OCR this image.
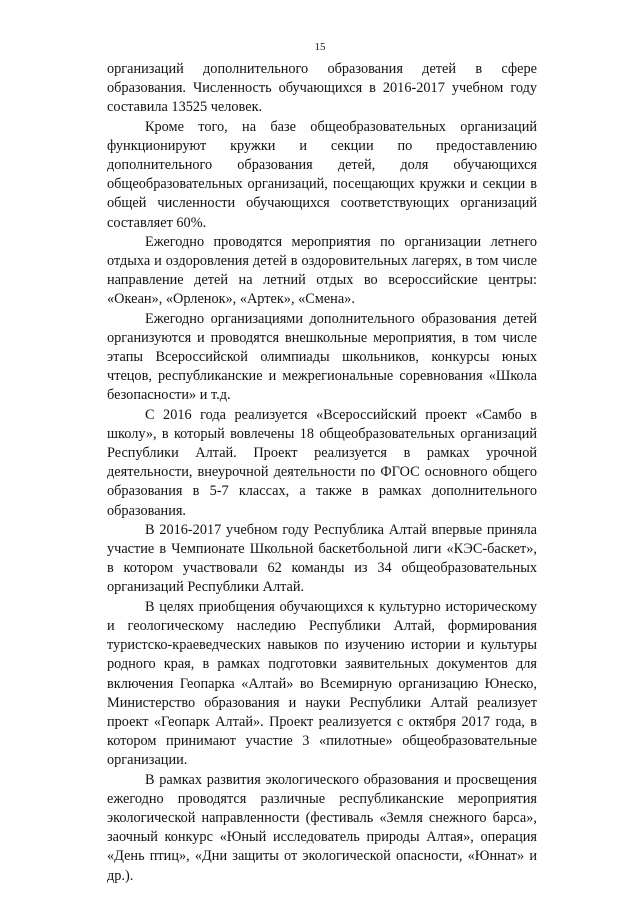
15

организаций дополнительного образования детей в сфере образования. Численность обучающихся в 2016-2017 учебном году составила 13525 человек.

Кроме того, на базе общеобразовательных организаций функционируют кружки и секции по предоставлению дополнительного образования детей, доля обучающихся общеобразовательных организаций, посещающих кружки и секции в общей численности обучающихся соответствующих организаций составляет 60%.

Ежегодно проводятся мероприятия по организации летнего отдыха и оздоровления детей в оздоровительных лагерях, в том числе направление детей на летний отдых во всероссийские центры: «Океан», «Орленок», «Артек», «Смена».

Ежегодно организациями дополнительного образования детей организуются и проводятся внешкольные мероприятия, в том числе этапы Всероссийской олимпиады школьников, конкурсы юных чтецов, республиканские и межрегиональные соревнования «Школа безопасности» и т.д.

С 2016 года реализуется «Всероссийский проект «Самбо в школу», в который вовлечены 18 общеобразовательных организаций Республики Алтай. Проект реализуется в рамках урочной деятельности, внеурочной деятельности по ФГОС основного общего образования в 5-7 классах, а также в рамках дополнительного образования.

В 2016-2017 учебном году Республика Алтай впервые приняла участие в Чемпионате Школьной баскетбольной лиги «КЭС-баскет», в котором участвовали 62 команды из 34 общеобразовательных организаций Республики Алтай.

В целях приобщения обучающихся к культурно историческому и геологическому наследию Республики Алтай, формирования туристско-краеведческих навыков по изучению истории и культуры родного края, в рамках подготовки заявительных документов для включения Геопарка «Алтай» во Всемирную организацию Юнеско, Министерство образования и науки Республики Алтай реализует проект «Геопарк Алтай». Проект реализуется с октября 2017 года, в котором принимают участие 3 «пилотные» общеобразовательные организации.

В рамках развития экологического образования и просвещения ежегодно проводятся различные республиканские мероприятия экологической направленности (фестиваль «Земля снежного барса», заочный конкурс «Юный исследователь природы Алтая», операция «День птиц», «Дни защиты от экологической опасности, «Юннат» и др.).
